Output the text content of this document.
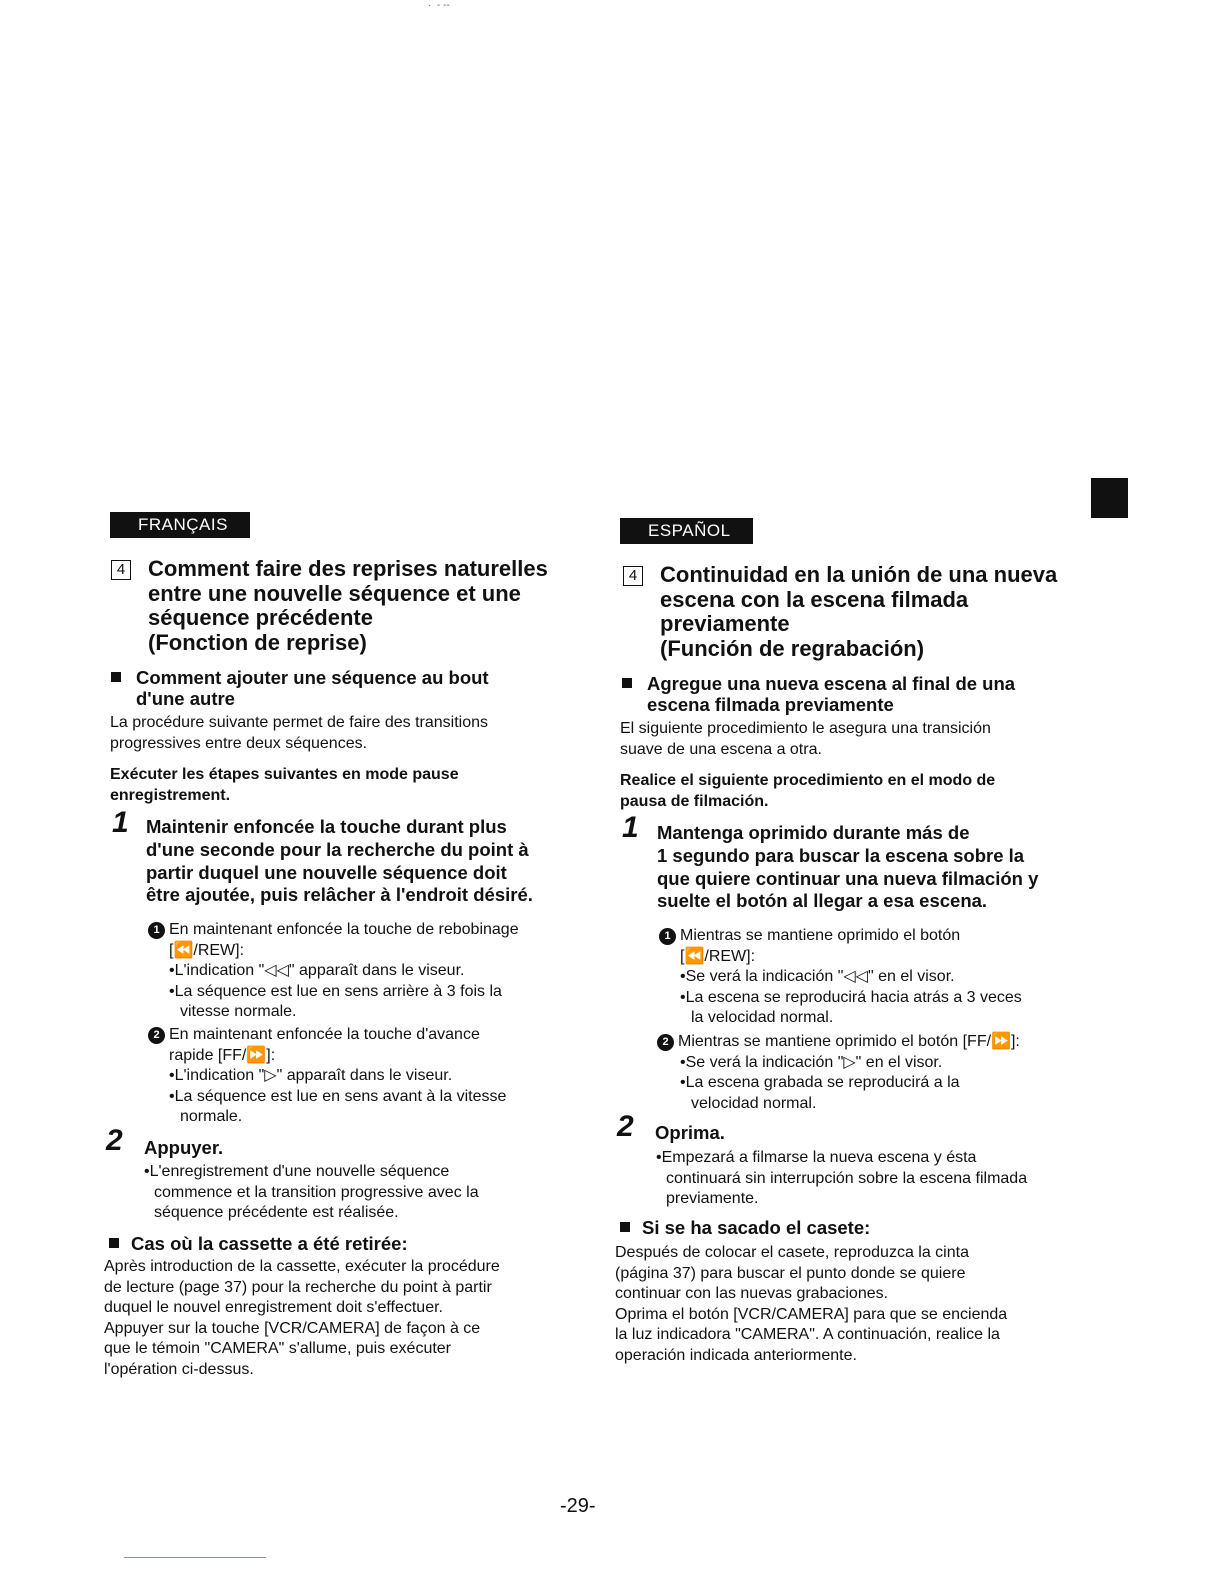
·  ‐ ‐‐
FRANÇAIS
4 Comment faire des reprises naturelles
entre une nouvelle séquence et une
séquence précédente
(Fonction de reprise)
Comment ajouter une séquence au bout
d'une autre
La procédure suivante permet de faire des transitions
progressives entre deux séquences.
Exécuter les étapes suivantes en mode pause
enregistrement.
1 Maintenir enfoncée la touche durant plus
d'une seconde pour la recherche du point à
partir duquel une nouvelle séquence doit
être ajoutée, puis relâcher à l'endroit désiré.
1 En maintenant enfoncée la touche de rebobinage
[⏪/REW]:
•L'indication "◁◁" apparaît dans le viseur.
•La séquence est lue en sens arrière à 3 fois la
vitesse normale.
2 En maintenant enfoncée la touche d'avance
rapide [FF/⏩]:
•L'indication "▷" apparaît dans le viseur.
•La séquence est lue en sens avant à la vitesse
normale.
2 Appuyer.
•L'enregistrement d'une nouvelle séquence
commence et la transition progressive avec la
séquence précédente est réalisée.
Cas où la cassette a été retirée:
Après introduction de la cassette, exécuter la procédure
de lecture (page 37) pour la recherche du point à partir
duquel le nouvel enregistrement doit s'effectuer.
Appuyer sur la touche [VCR/CAMERA] de façon à ce
que le témoin "CAMERA" s'allume, puis exécuter
l'opération ci-dessus.
ESPAÑOL
4 Continuidad en la unión de una nueva
escena con la escena filmada
previamente
(Función de regrabación)
Agregue una nueva escena al final de una
escena filmada previamente
El siguiente procedimiento le asegura una transición
suave de una escena a otra.
Realice el siguiente procedimiento en el modo de
pausa de filmación.
1 Mantenga oprimido durante más de
1 segundo para buscar la escena sobre la
que quiere continuar una nueva filmación y
suelte el botón al llegar a esa escena.
1 Mientras se mantiene oprimido el botón
[⏪/REW]:
•Se verá la indicación "◁◁" en el visor.
•La escena se reproducirá hacia atrás a 3 veces
la velocidad normal.
2 Mientras se mantiene oprimido el botón [FF/⏩]:
•Se verá la indicación "▷" en el visor.
•La escena grabada se reproducirá a la
velocidad normal.
2 Oprima.
•Empezará a filmarse la nueva escena y ésta
continuará sin interrupción sobre la escena filmada
previamente.
Si se ha sacado el casete:
Después de colocar el casete, reproduzca la cinta
(página 37) para buscar el punto donde se quiere
continuar con las nuevas grabaciones.
Oprima el botón [VCR/CAMERA] para que se encienda
la luz indicadora "CAMERA". A continuación, realice la
operación indicada anteriormente.
-29-
